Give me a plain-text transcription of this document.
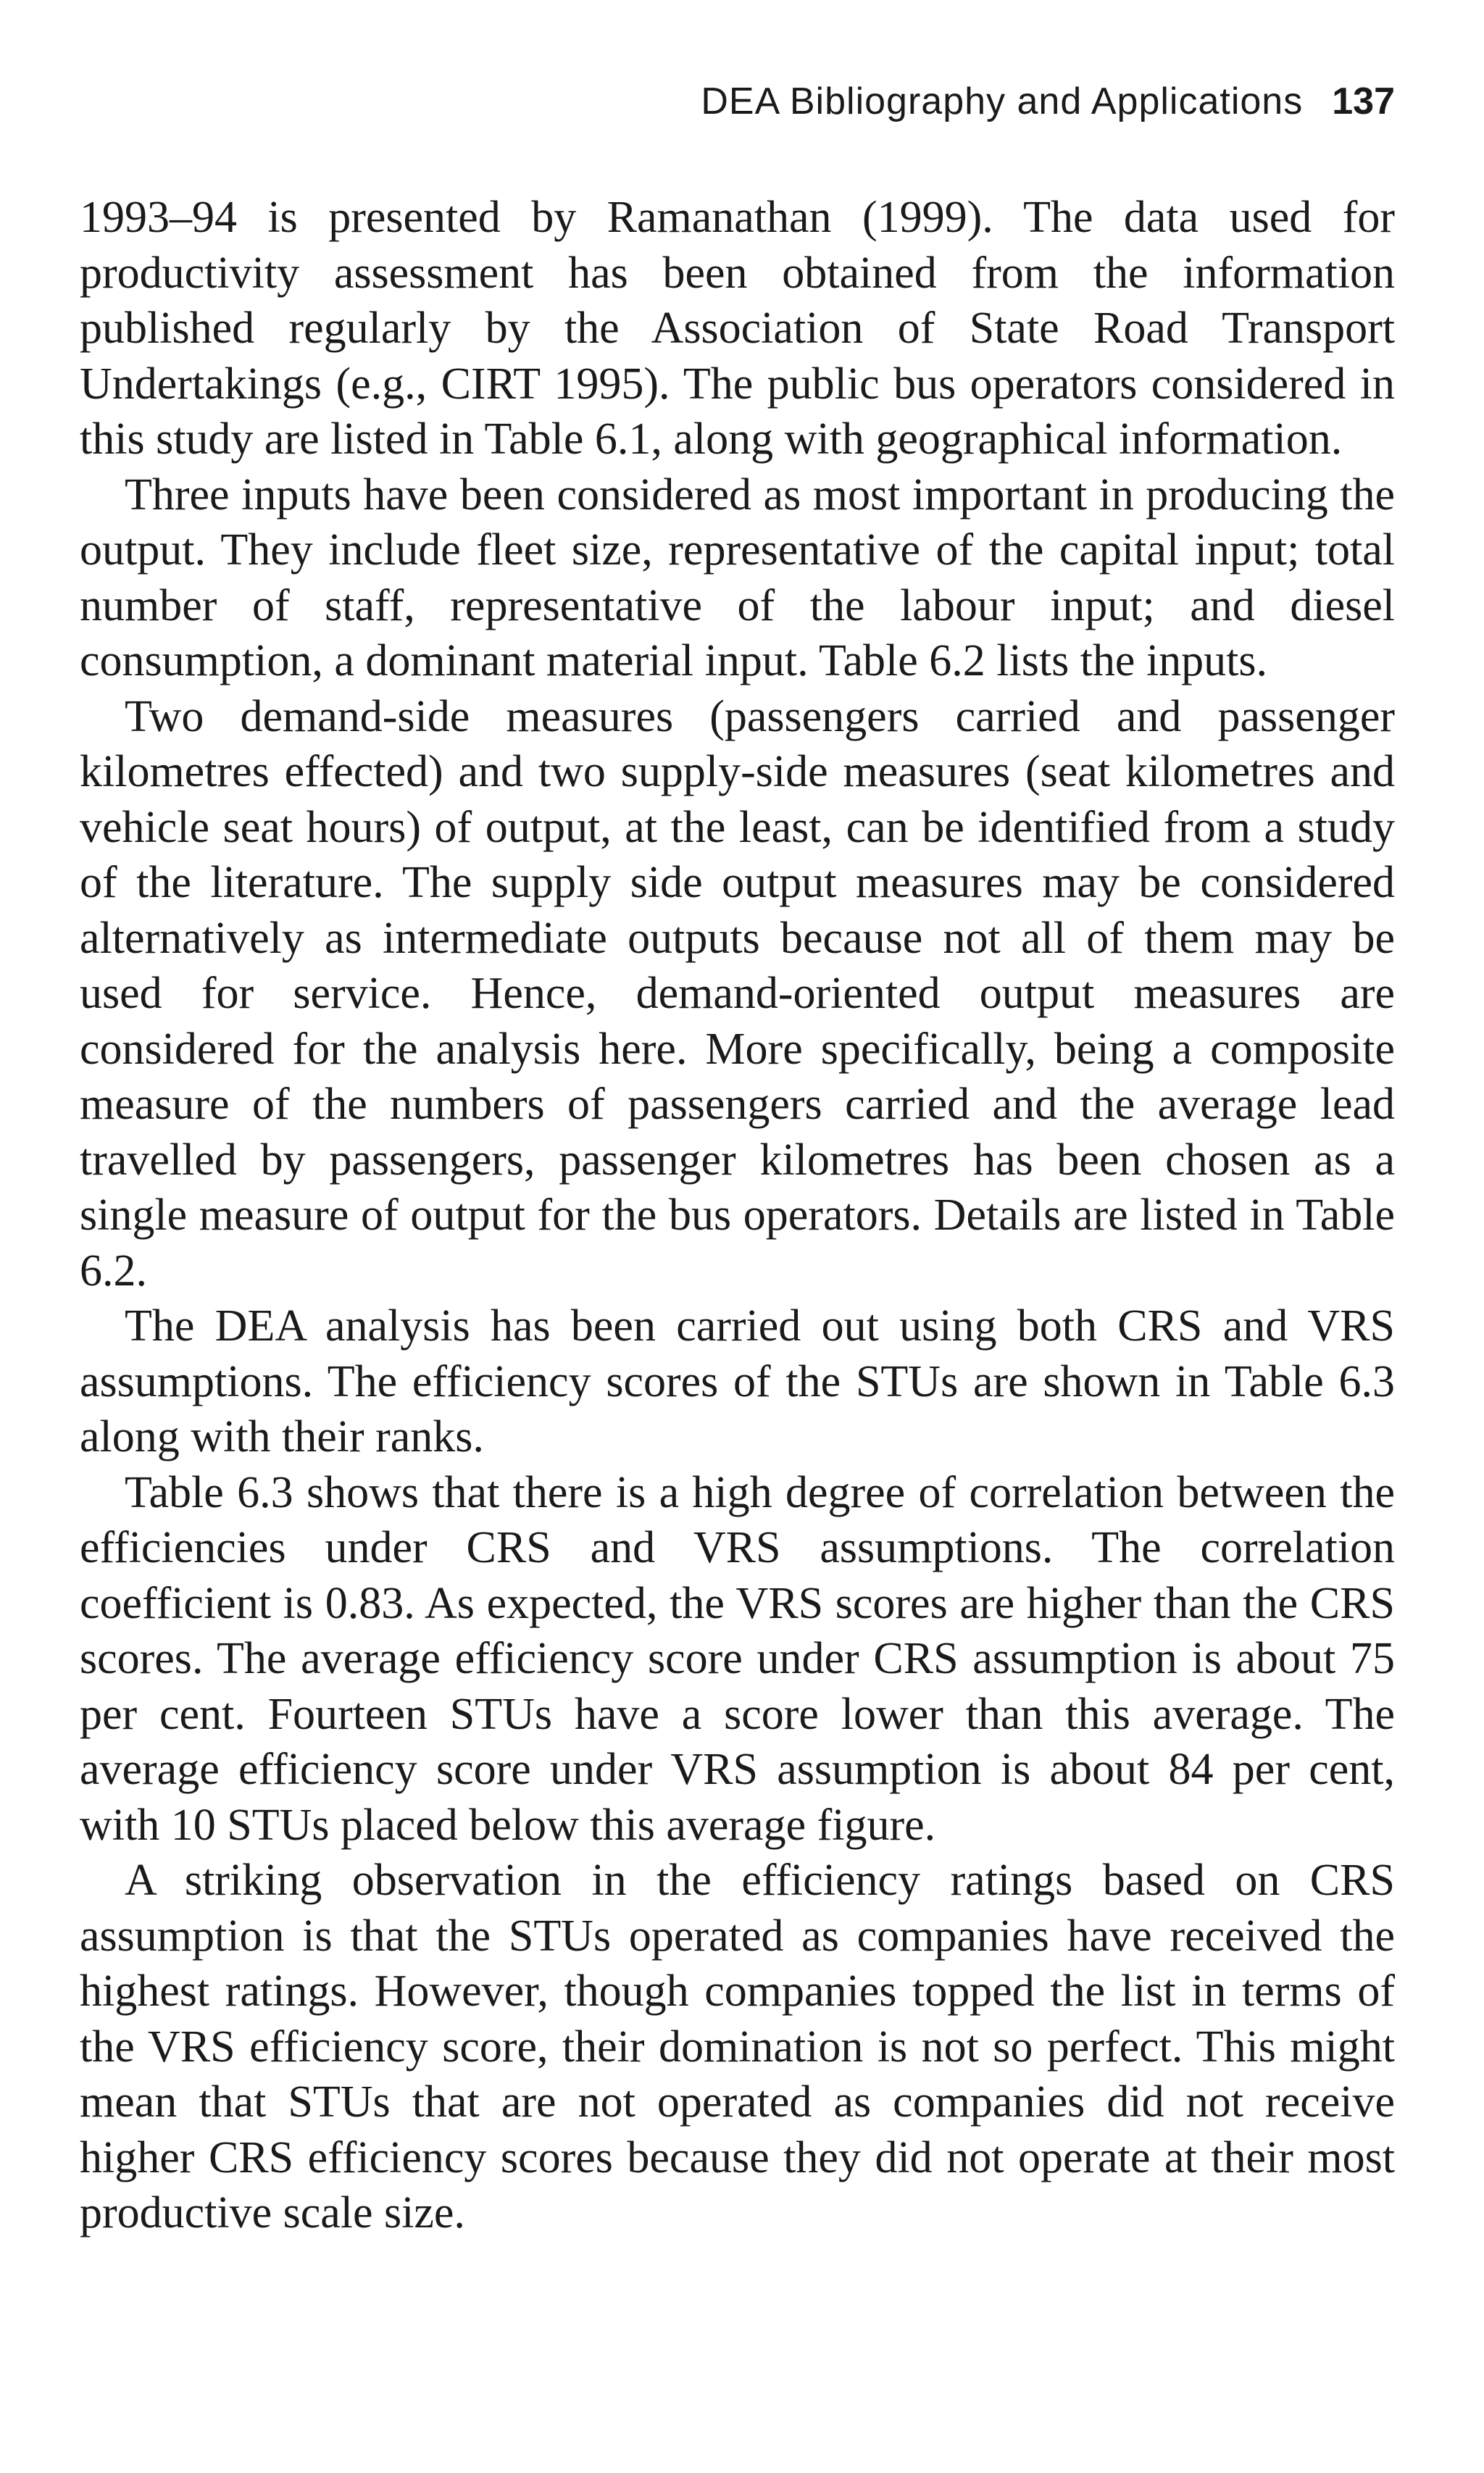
DEA Bibliography and Applications 137

1993–94 is presented by Ramanathan (1999). The data used for productivity assessment has been obtained from the information published regularly by the Association of State Road Transport Undertakings (e.g., CIRT 1995). The public bus operators considered in this study are listed in Table 6.1, along with geographical information.

Three inputs have been considered as most important in producing the output. They include fleet size, representative of the capital input; total number of staff, representative of the labour input; and diesel consumption, a dominant material input. Table 6.2 lists the inputs.

Two demand-side measures (passengers carried and passenger kilometres effected) and two supply-side measures (seat kilometres and vehicle seat hours) of output, at the least, can be identified from a study of the literature. The supply side output measures may be considered alternatively as intermediate outputs because not all of them may be used for service. Hence, demand-oriented output measures are considered for the analysis here. More specifically, being a composite measure of the numbers of passengers carried and the average lead travelled by passengers, passenger kilometres has been chosen as a single measure of output for the bus operators. Details are listed in Table 6.2.

The DEA analysis has been carried out using both CRS and VRS assumptions. The efficiency scores of the STUs are shown in Table 6.3 along with their ranks.

Table 6.3 shows that there is a high degree of correlation between the efficiencies under CRS and VRS assumptions. The correlation coefficient is 0.83. As expected, the VRS scores are higher than the CRS scores. The average efficiency score under CRS assumption is about 75 per cent. Fourteen STUs have a score lower than this average. The average efficiency score under VRS assumption is about 84 per cent, with 10 STUs placed below this average figure.

A striking observation in the efficiency ratings based on CRS assumption is that the STUs operated as companies have received the highest ratings. However, though companies topped the list in terms of the VRS efficiency score, their domination is not so perfect. This might mean that STUs that are not operated as companies did not receive higher CRS efficiency scores because they did not operate at their most productive scale size.
